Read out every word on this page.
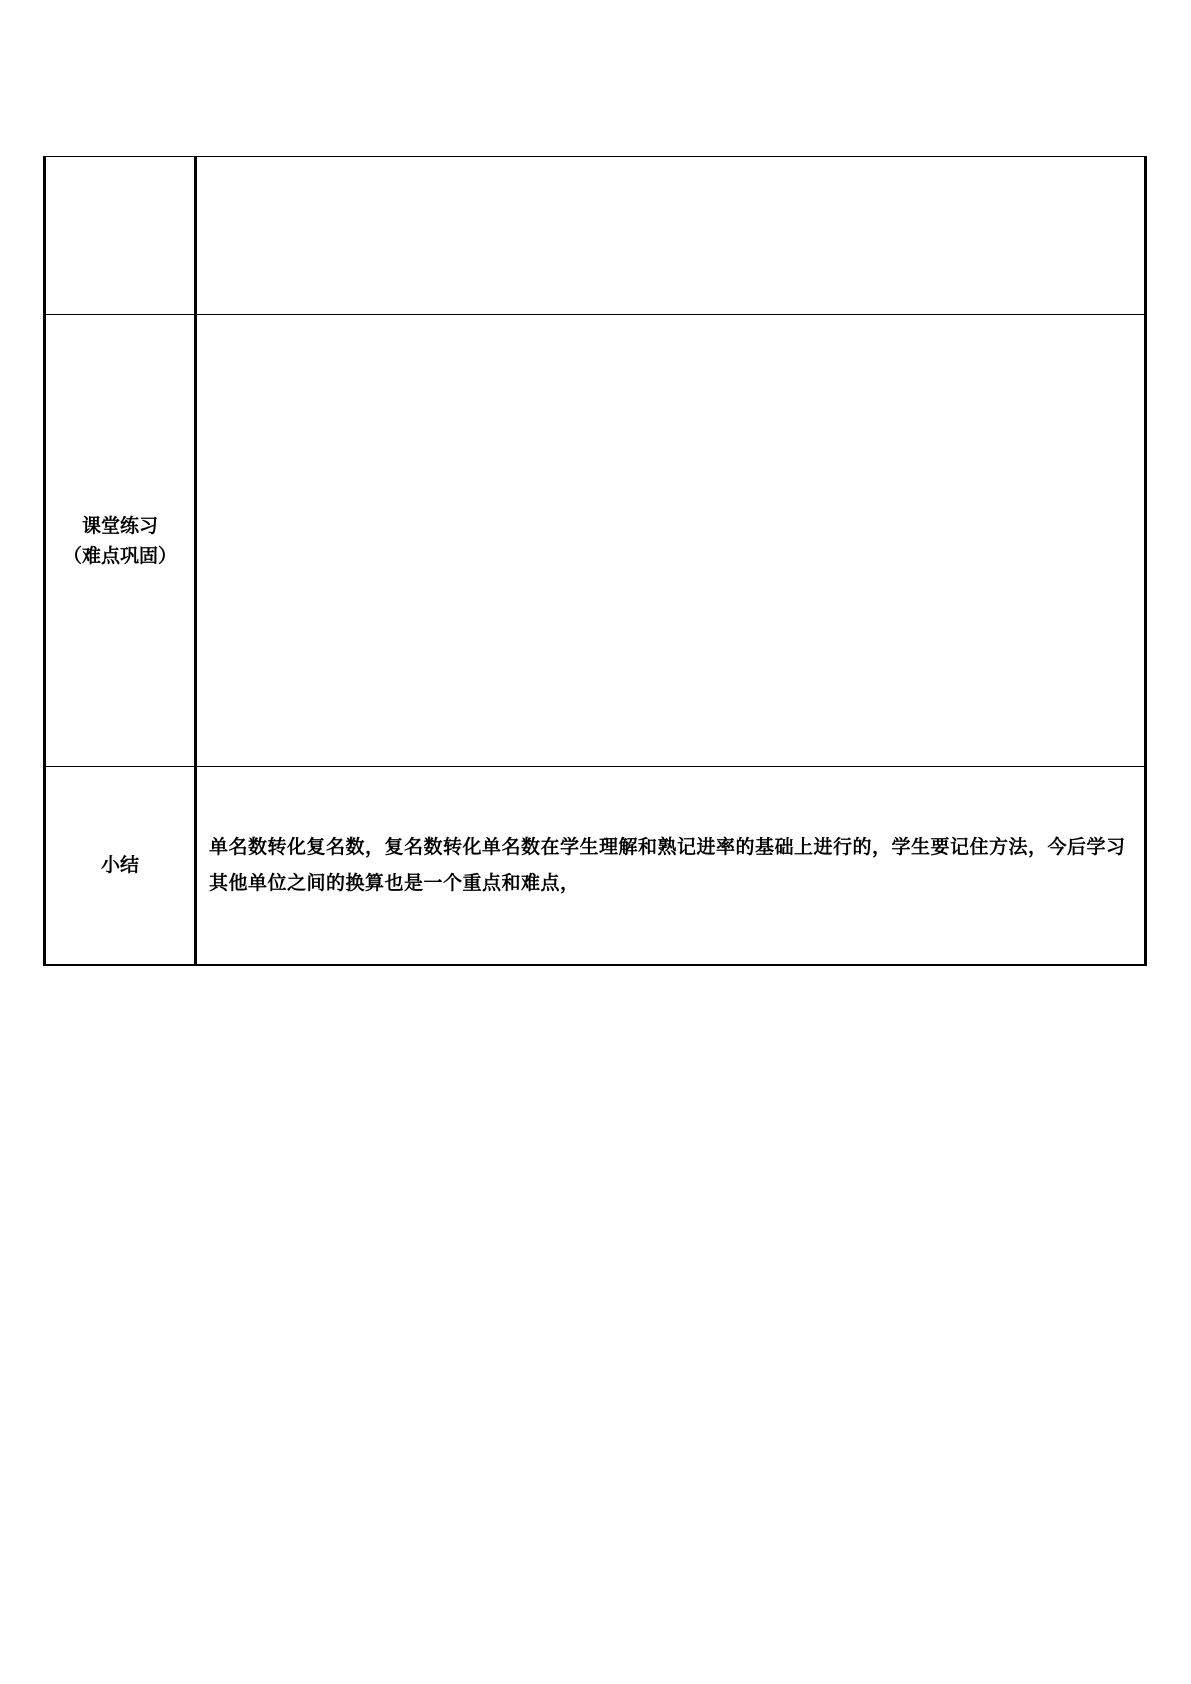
课堂练习
（难点巩固）	

小结	单名数转化复名数，复名数转化单名数在学生理解和熟记进率的基础上进行的，学生要记住方法，今后学习其他单位之间的换算也是一个重点和难点，
